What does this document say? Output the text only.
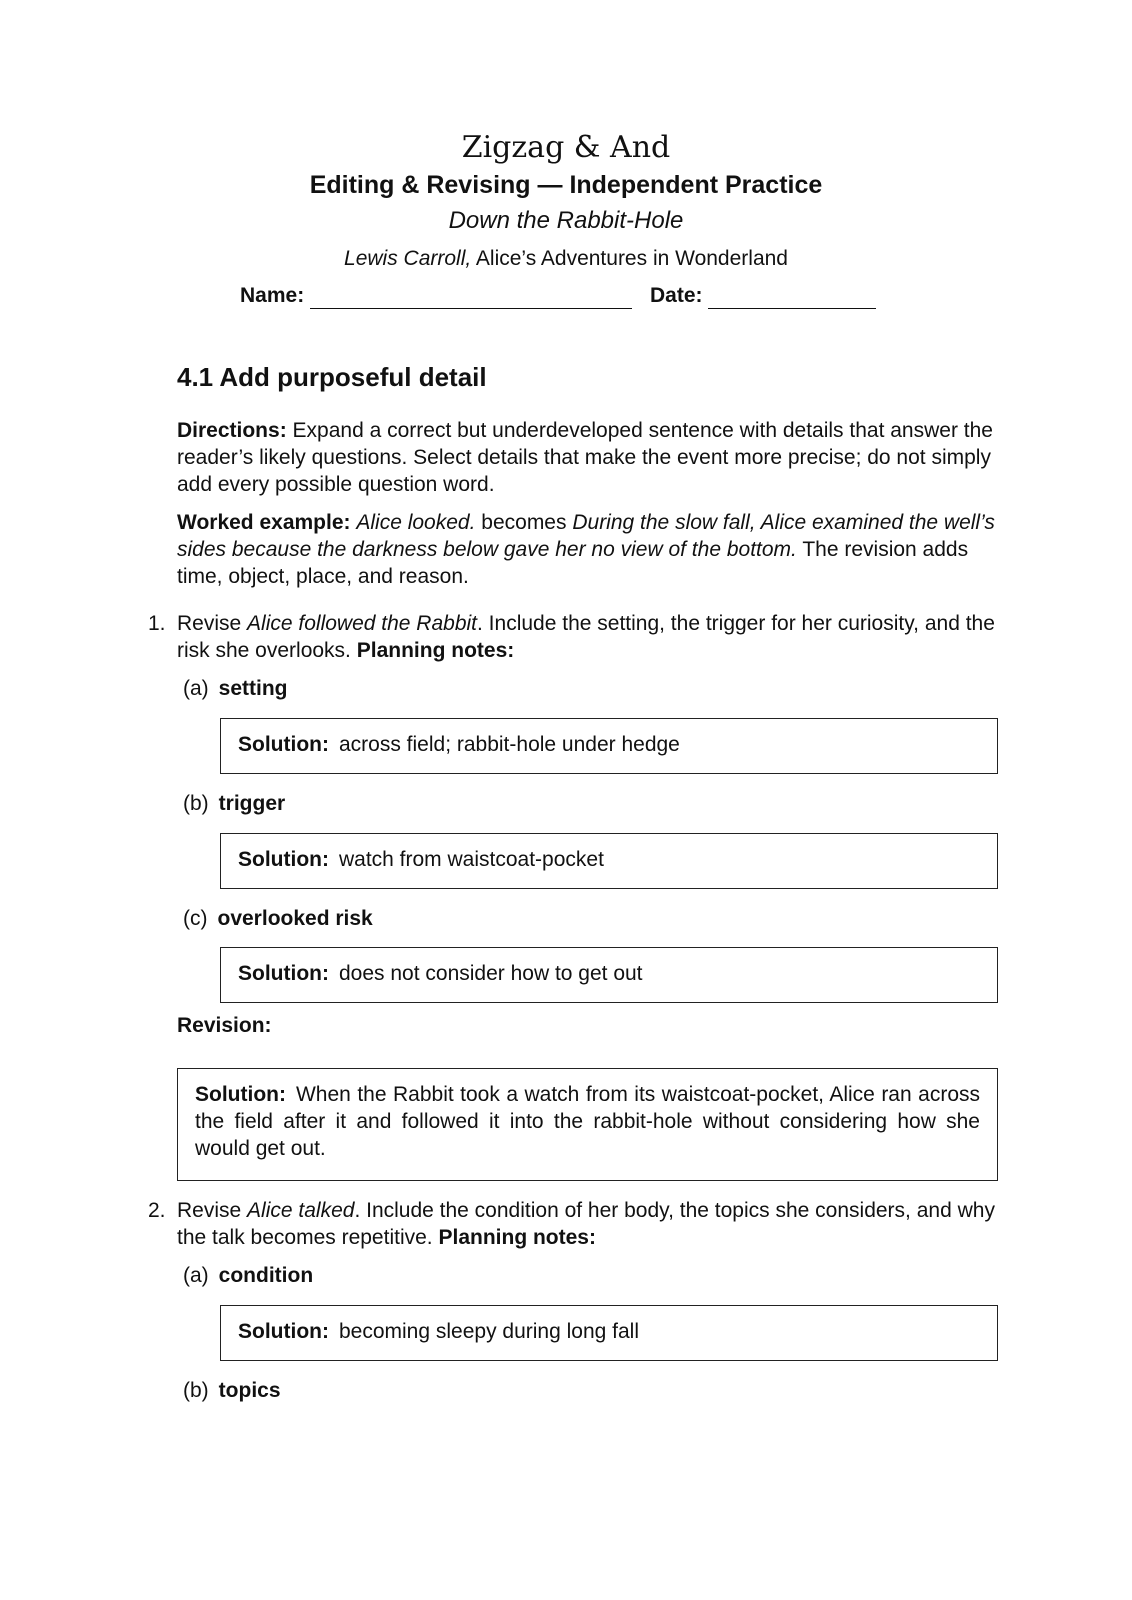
Zigzag & And
Editing & Revising — Independent Practice
Down the Rabbit-Hole
Lewis Carroll, Alice’s Adventures in Wonderland
Name:	Date:
4.1 Add purposeful detail
Directions: Expand a correct but underdeveloped sentence with details that answer the reader’s likely questions. Select details that make the event more precise; do not simply add every possible question word.
Worked example: Alice looked. becomes During the slow fall, Alice examined the well’s sides because the darkness below gave her no view of the bottom. The revision adds time, object, place, and reason.
1. Revise Alice followed the Rabbit. Include the setting, the trigger for her curiosity, and the risk she overlooks. Planning notes:
(a) setting
Solution: across field; rabbit-hole under hedge
(b) trigger
Solution: watch from waistcoat-pocket
(c) overlooked risk
Solution: does not consider how to get out
Revision:
Solution: When the Rabbit took a watch from its waistcoat-pocket, Alice ran across the field after it and followed it into the rabbit-hole without considering how she would get out.
2. Revise Alice talked. Include the condition of her body, the topics she considers, and why the talk becomes repetitive. Planning notes:
(a) condition
Solution: becoming sleepy during long fall
(b) topics
